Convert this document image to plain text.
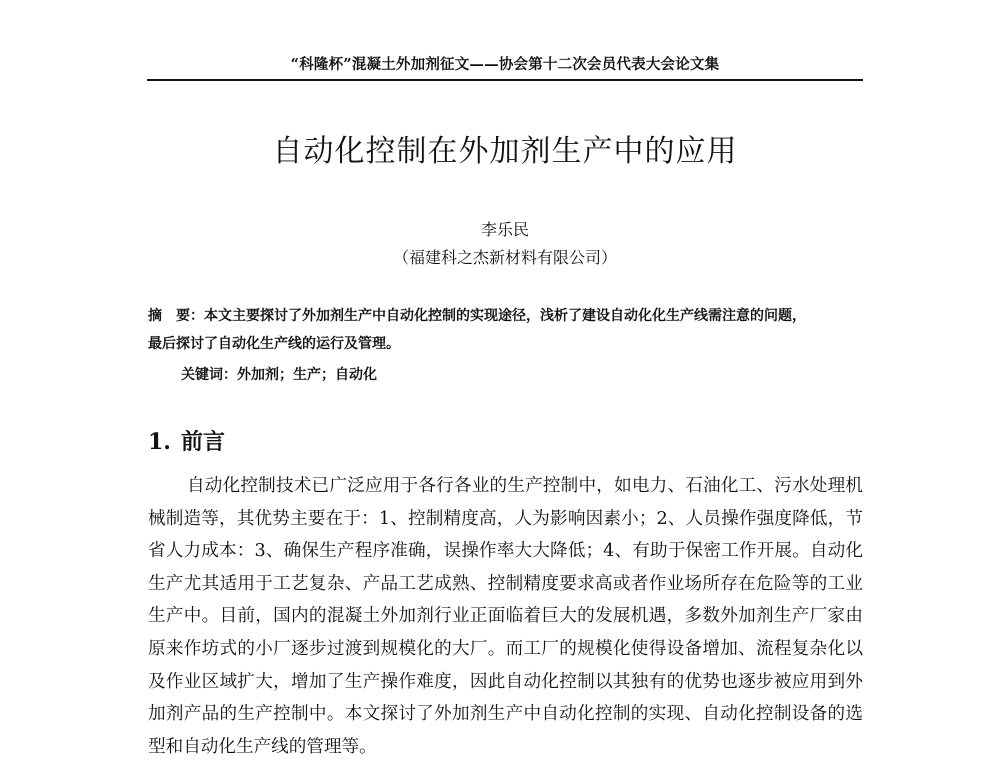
“科隆杯”混凝土外加剂征文——协会第十二次会员代表大会论文集
自动化控制在外加剂生产中的应用
李乐民
（福建科之杰新材料有限公司）
摘　要：本文主要探讨了外加剂生产中自动化控制的实现途径，浅析了建设自动化化生产线需注意的问题，
最后探讨了自动化生产线的运行及管理。
关键词：外加剂；生产；自动化
1. 前言
自动化控制技术已广泛应用于各行各业的生产控制中，如电力、石油化工、污水处理机
械制造等，其优势主要在于：1、控制精度高，人为影响因素小；2、人员操作强度降低，节
省人力成本：3、确保生产程序准确，误操作率大大降低；4、有助于保密工作开展。自动化
生产尤其适用于工艺复杂、产品工艺成熟、控制精度要求高或者作业场所存在危险等的工业
生产中。目前，国内的混凝土外加剂行业正面临着巨大的发展机遇，多数外加剂生产厂家由
原来作坊式的小厂逐步过渡到规模化的大厂。而工厂的规模化使得设备增加、流程复杂化以
及作业区域扩大，增加了生产操作难度，因此自动化控制以其独有的优势也逐步被应用到外
加剂产品的生产控制中。本文探讨了外加剂生产中自动化控制的实现、自动化控制设备的选
型和自动化生产线的管理等。
